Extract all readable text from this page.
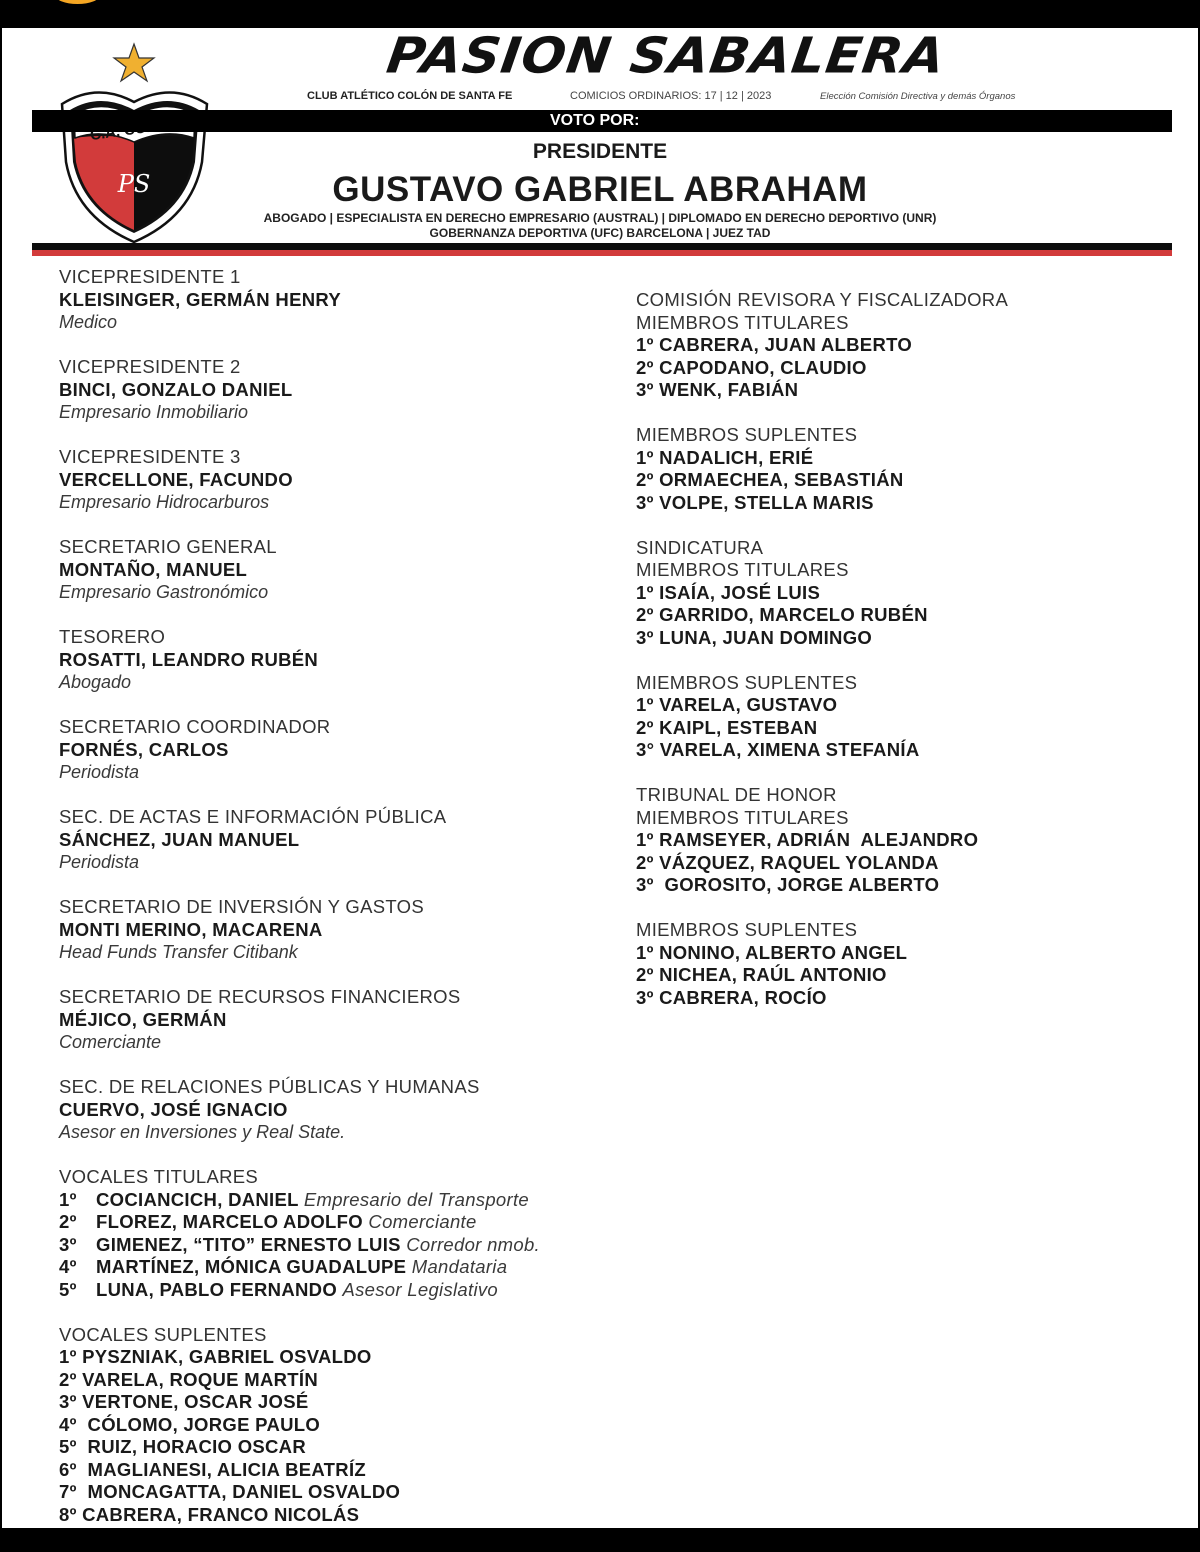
PS
PASION SABALERA
CLUB ATLÉTICO COLÓN DE SANTA FE	COMICIOS ORDINARIOS: 17 | 12 | 2023	Elección Comisión Directiva y demás Órganos
VOTO POR:
PRESIDENTE
GUSTAVO GABRIEL ABRAHAM
ABOGADO | ESPECIALISTA EN DERECHO EMPRESARIO (AUSTRAL) | DIPLOMADO EN DERECHO DEPORTIVO (UNR)
GOBERNANZA DEPORTIVA (UFC) BARCELONA | JUEZ TAD
VICEPRESIDENTE 1
KLEISINGER, GERMÁN HENRY
Medico
VICEPRESIDENTE 2
BINCI, GONZALO DANIEL
Empresario Inmobiliario
VICEPRESIDENTE 3
VERCELLONE, FACUNDO
Empresario Hidrocarburos
SECRETARIO GENERAL
MONTAÑO, MANUEL
Empresario Gastronómico
TESORERO
ROSATTI, LEANDRO RUBÉN
Abogado
SECRETARIO COORDINADOR
FORNÉS, CARLOS
Periodista
SEC. DE ACTAS E INFORMACIÓN PÚBLICA
SÁNCHEZ, JUAN MANUEL
Periodista
SECRETARIO DE INVERSIÓN Y GASTOS
MONTI MERINO, MACARENA
Head Funds Transfer Citibank
SECRETARIO DE RECURSOS FINANCIEROS
MÉJICO, GERMÁN
Comerciante
SEC. DE RELACIONES PÚBLICAS Y HUMANAS
CUERVO, JOSÉ IGNACIO
Asesor en Inversiones y Real State.
VOCALES TITULARES
1º COCIANCICH, DANIEL Empresario del Transporte
2º FLOREZ, MARCELO ADOLFO Comerciante
3º GIMENEZ, “TITO” ERNESTO LUIS Corredor nmob.
4º MARTÍNEZ, MÓNICA GUADALUPE Mandataria
5º LUNA, PABLO FERNANDO Asesor Legislativo
VOCALES SUPLENTES
1º PYSZNIAK, GABRIEL OSVALDO
2º VARELA, ROQUE MARTÍN
3º VERTONE, OSCAR JOSÉ
4º  CÓLOMO, JORGE PAULO
5º  RUIZ, HORACIO OSCAR
6º  MAGLIANESI, ALICIA BEATRÍZ
7º  MONCAGATTA, DANIEL OSVALDO
8º CABRERA, FRANCO NICOLÁS
COMISIÓN REVISORA Y FISCALIZADORA
MIEMBROS TITULARES
1º CABRERA, JUAN ALBERTO
2º CAPODANO, CLAUDIO
3º WENK, FABIÁN
MIEMBROS SUPLENTES
1º NADALICH, ERIÉ
2º ORMAECHEA, SEBASTIÁN
3º VOLPE, STELLA MARIS
SINDICATURA
MIEMBROS TITULARES
1º ISAÍA, JOSÉ LUIS
2º GARRIDO, MARCELO RUBÉN
3º LUNA, JUAN DOMINGO
MIEMBROS SUPLENTES
1º VARELA, GUSTAVO
2º KAIPL, ESTEBAN
3° VARELA, XIMENA STEFANÍA
TRIBUNAL DE HONOR
MIEMBROS TITULARES
1º RAMSEYER, ADRIÁN  ALEJANDRO
2º VÁZQUEZ, RAQUEL YOLANDA
3º  GOROSITO, JORGE ALBERTO
MIEMBROS SUPLENTES
1º NONINO, ALBERTO ANGEL
2º NICHEA, RAÚL ANTONIO
3º CABRERA, ROCÍO
